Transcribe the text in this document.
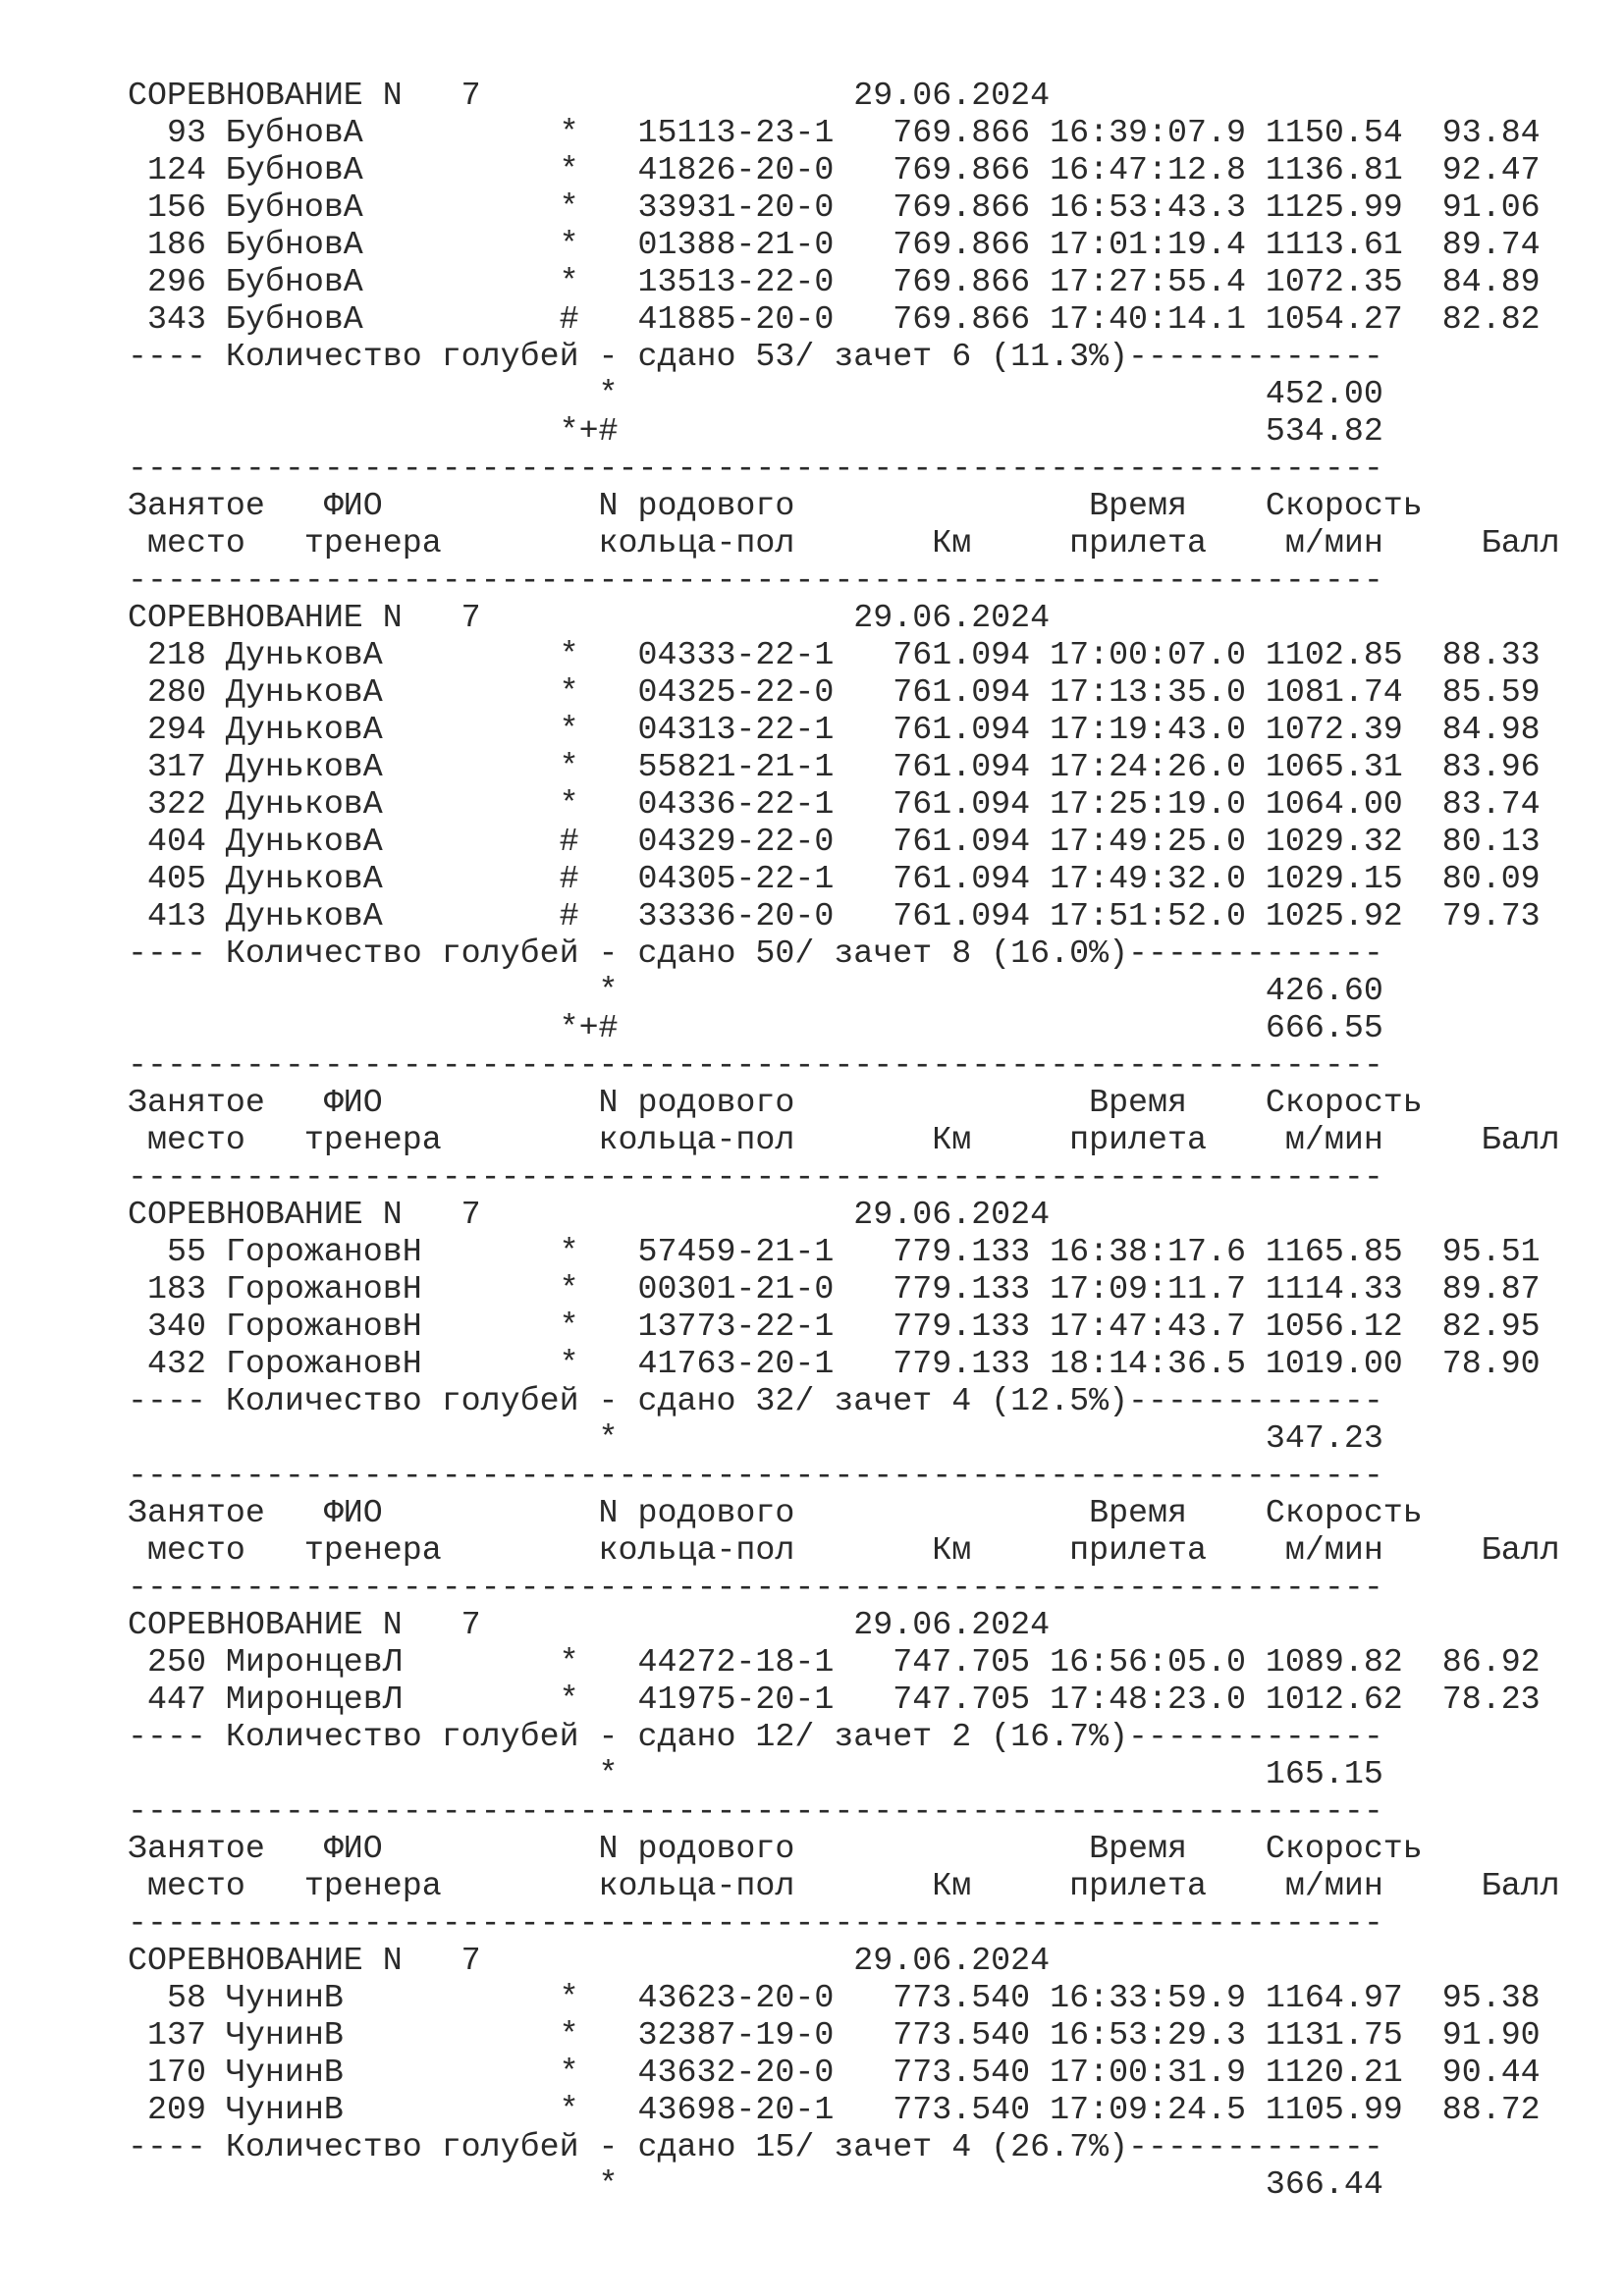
СОРЕВНОВАНИЕ N   7                   29.06.2024
93 БубновA          *   15113-23-1   769.866 16:39:07.9 1150.54  93.84
124 БубновA          *   41826-20-0   769.866 16:47:12.8 1136.81  92.47
156 БубновA          *   33931-20-0   769.866 16:53:43.3 1125.99  91.06
186 БубновA          *   01388-21-0   769.866 17:01:19.4 1113.61  89.74
296 БубновA          *   13513-22-0   769.866 17:27:55.4 1072.35  84.89
343 БубновA          #   41885-20-0   769.866 17:40:14.1 1054.27  82.82
---- Количество голубей - сдано 53/ зачет 6 (11.3%)-------------
*                                 452.00
*+#                                 534.82
----------------------------------------------------------------
Занятое   ФИО           N родового               Время    Скорость
место   тренера        кольца-пол       Км     прилета    м/мин     Балл
----------------------------------------------------------------
СОРЕВНОВАНИЕ N   7                   29.06.2024
218 ДуньковA         *   04333-22-1   761.094 17:00:07.0 1102.85  88.33
280 ДуньковA         *   04325-22-0   761.094 17:13:35.0 1081.74  85.59
294 ДуньковA         *   04313-22-1   761.094 17:19:43.0 1072.39  84.98
317 ДуньковA         *   55821-21-1   761.094 17:24:26.0 1065.31  83.96
322 ДуньковA         *   04336-22-1   761.094 17:25:19.0 1064.00  83.74
404 ДуньковA         #   04329-22-0   761.094 17:49:25.0 1029.32  80.13
405 ДуньковA         #   04305-22-1   761.094 17:49:32.0 1029.15  80.09
413 ДуньковA         #   33336-20-0   761.094 17:51:52.0 1025.92  79.73
---- Количество голубей - сдано 50/ зачет 8 (16.0%)-------------
*                                 426.60
*+#                                 666.55
----------------------------------------------------------------
Занятое   ФИО           N родового               Время    Скорость
место   тренера        кольца-пол       Км     прилета    м/мин     Балл
----------------------------------------------------------------
СОРЕВНОВАНИЕ N   7                   29.06.2024
55 ГорожановН       *   57459-21-1   779.133 16:38:17.6 1165.85  95.51
183 ГорожановН       *   00301-21-0   779.133 17:09:11.7 1114.33  89.87
340 ГорожановН       *   13773-22-1   779.133 17:47:43.7 1056.12  82.95
432 ГорожановН       *   41763-20-1   779.133 18:14:36.5 1019.00  78.90
---- Количество голубей - сдано 32/ зачет 4 (12.5%)-------------
*                                 347.23
----------------------------------------------------------------
Занятое   ФИО           N родового               Время    Скорость
место   тренера        кольца-пол       Км     прилета    м/мин     Балл
----------------------------------------------------------------
СОРЕВНОВАНИЕ N   7                   29.06.2024
250 МиронцевЛ        *   44272-18-1   747.705 16:56:05.0 1089.82  86.92
447 МиронцевЛ        *   41975-20-1   747.705 17:48:23.0 1012.62  78.23
---- Количество голубей - сдано 12/ зачет 2 (16.7%)-------------
*                                 165.15
----------------------------------------------------------------
Занятое   ФИО           N родового               Время    Скорость
место   тренера        кольца-пол       Км     прилета    м/мин     Балл
----------------------------------------------------------------
СОРЕВНОВАНИЕ N   7                   29.06.2024
58 ЧунинВ           *   43623-20-0   773.540 16:33:59.9 1164.97  95.38
137 ЧунинВ           *   32387-19-0   773.540 16:53:29.3 1131.75  91.90
170 ЧунинВ           *   43632-20-0   773.540 17:00:31.9 1120.21  90.44
209 ЧунинВ           *   43698-20-1   773.540 17:09:24.5 1105.99  88.72
---- Количество голубей - сдано 15/ зачет 4 (26.7%)-------------
*                                 366.44
